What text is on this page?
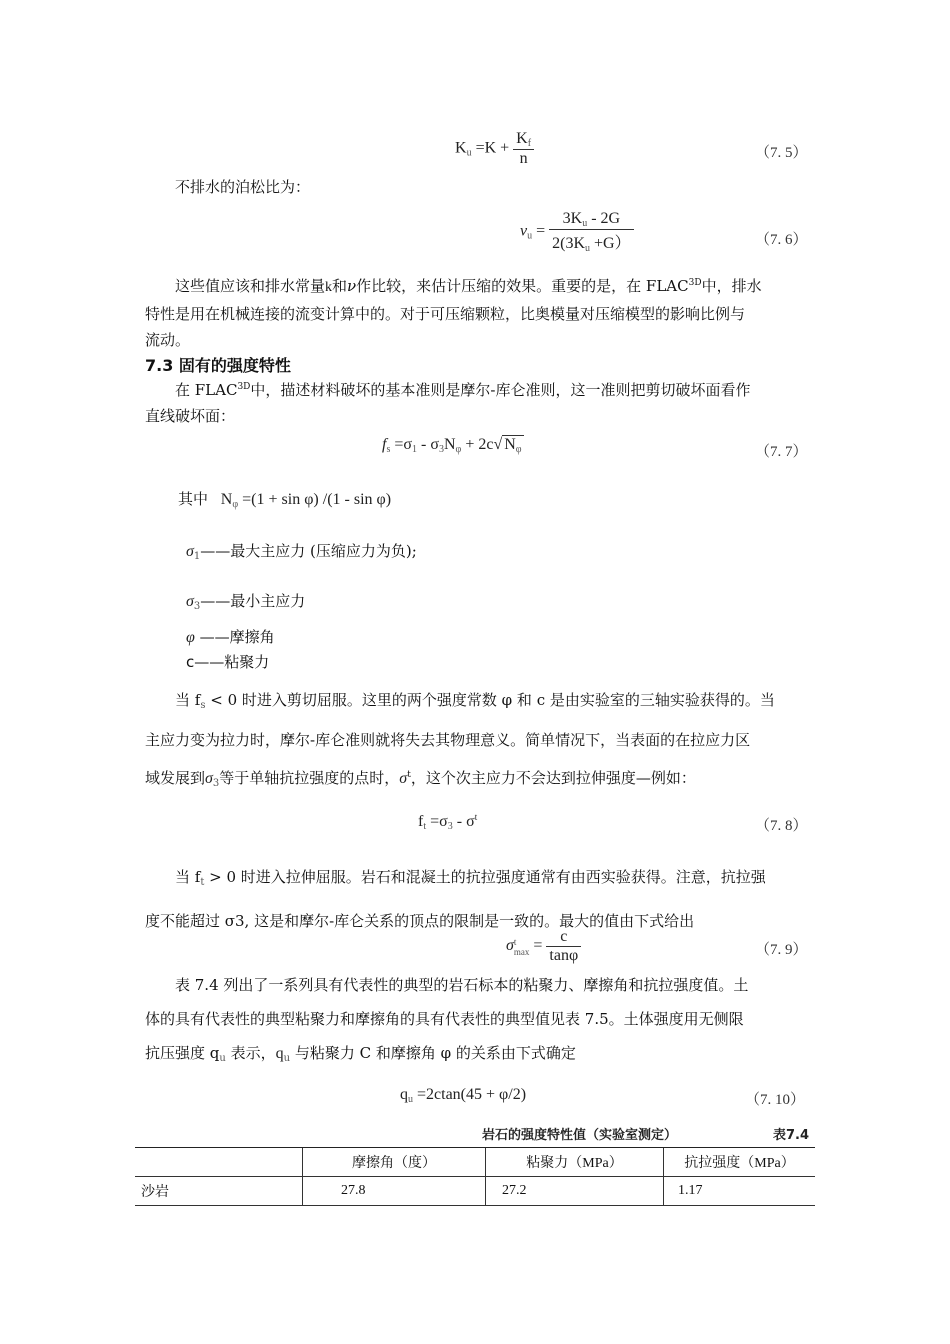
$K_u =K + \frac{K_f}{n}$	（7. 5）
不排水的泊松比为：
$\nu_u = \frac{3K_u - 2G}{2(3K_u +G)}$	（7. 6）

这些值应该和排水常量k和ν作比较，来估计压缩的效果。重要的是，在 $FLAC^{3D}$中，排水

特性是用在机械连接的流变计算中的。对于可压缩颗粒，比奥模量对压缩模型的影响比例与

流动。

7.3 固有的强度特性

在 $FLAC^{3D}$中，描述材料破坏的基本准则是摩尔-库仑准则，这一准则把剪切破坏面看作

直线破坏面：

$f_s =\sigma_1 - \sigma_3N_\varphi + 2c√$ $N_\varphi$	（7. 7）
其中 $N_\varphi =(1 + \sin \varphi)$ /(1 - sin φ)
$\sigma_1——$最大主应力 (压缩应力为负);
$\sigma_3——$最小主应力
φ ——摩擦角
c——粘聚力

当 $f_s < 0$ 时进入剪切屈服。这里的两个强度常数 φ 和 c 是由实验室的三轴实验获得的。当

主应力变为拉力时，摩尔-库仑准则就将失去其物理意义。简单情况下，当表面的在拉应力区

域发展到$\sigma_3$等于单轴抗拉强度的点时，$\sigma^t$，这个次主应力不会达到拉伸强度—例如：

$f_t =\sigma_3 - \sigma^t$
（7. 8）

当 $f_t > 0$ 时进入拉伸屈服。岩石和混凝土的抗拉强度通常有由西实验获得。注意，抗拉强

度不能超过 σ3, 这是和摩尔-库仑关系的顶点的限制是一致的。最大的值由下式给出

σt
$\max = \frac{c}{\tan\varphi}$	（7. 9）

表 7.4 列出了一系列具有代表性的典型的岩石标本的粘聚力、摩擦角和抗拉强度值。土

体的具有代表性的典型粘聚力和摩擦角的具有代表性的典型值见表 7.5。土体强度用无侧限

抗压强度 $q_u$ 表示，$q_u$ 与粘聚力 C 和摩擦角 φ 的关系由下式确定

$q_u =2ctan(45 + \varphi/2)$	（7. 10）
岩石的强度特性值（实验室测定）	表7.4
	摩擦角（度）	粘聚力（MPa）	抗拉强度（MPa）
沙岩	27.8	27.2	1.17
